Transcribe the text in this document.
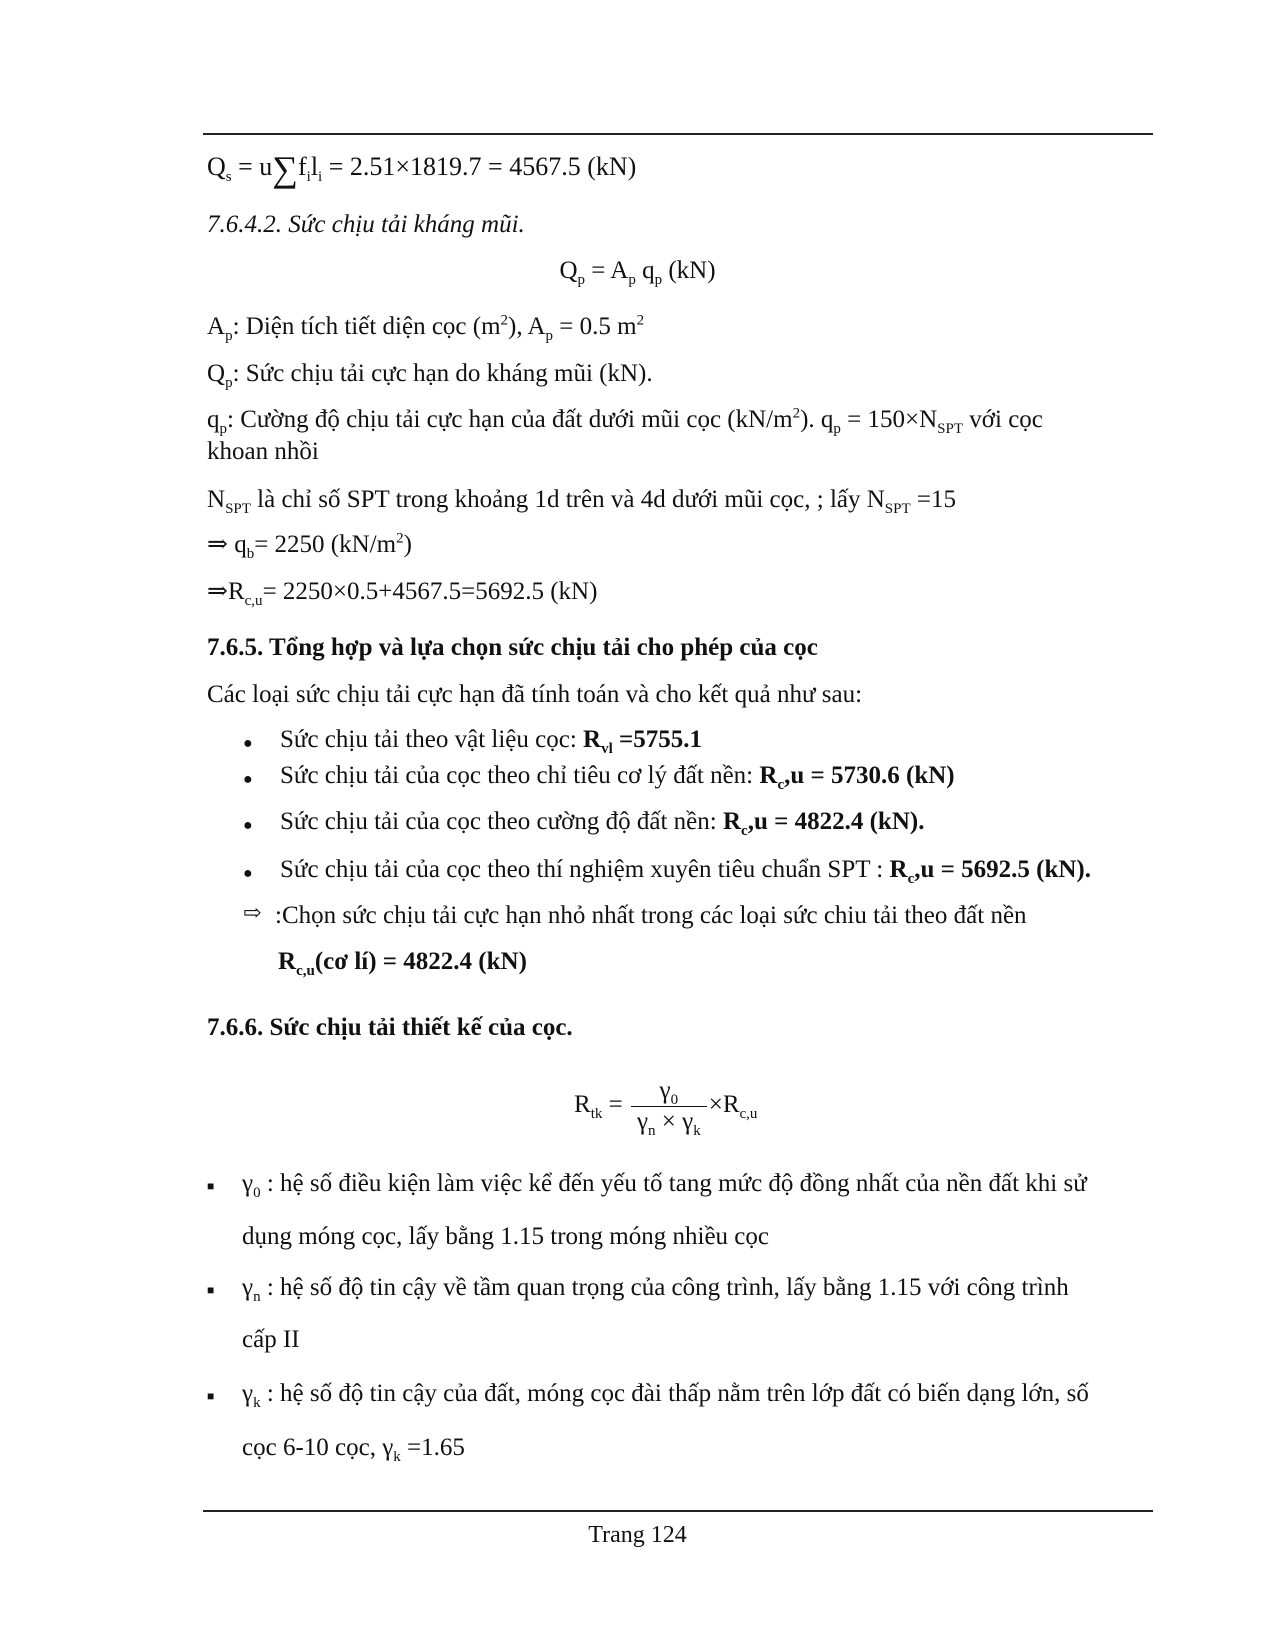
$Q_s = u\sum f_il_i = 2.51\times 1819.7 = 4567.5$ (kN)
7.6.4.2. Sức chịu tải kháng mũi.
$Q_p = A_p$ $q_p$ (kN)
$A_p$: Diện tích tiết diện cọc $(m^2)$, $A_p = 0.5$ $m^2$
$Q_p$: Sức chịu tải cực hạn do kháng mũi (kN).
$q_p$: Cường độ chịu tải cực hạn của đất dưới mũi cọc $(kN/m^2)$. $q_p = 150\times N_{SPT}$ với cọc
khoan nhồi
$N_{SPT}$ là chỉ số SPT trong khoảng 1d trên và 4d dưới mũi cọc, ; lấy $N_{SPT} =15$
⇒ $q_b= 2250$ $(kN/m^2)$
$\Rightarrow R_{c,u}= 2250\times 0.5+4567.5=5692.5$ (kN)
7.6.5. Tổng hợp và lựa chọn sức chịu tải cho phép của cọc
Các loại sức chịu tải cực hạn đã tính toán và cho kết quả như sau:
● Sức chịu tải theo vật liệu cọc: $R_{vl} =5755.1$
● Sức chịu tải của cọc theo chỉ tiêu cơ lý đất nền: $R_c,u = 5730.6$ (kN)
● Sức chịu tải của cọc theo cường độ đất nền: $R_c,u = 4822.4$ (kN).
● Sức chịu tải của cọc theo thí nghiệm xuyên tiêu chuẩn SPT : $R_c,u = 5692.5$ (kN).
⇨ :Chọn sức chịu tải cực hạn nhỏ nhất trong các loại sức chiu tải theo đất nền
$R_{c,u}(cơ$ lí) = 4822.4 (kN)
7.6.6. Sức chịu tải thiết kế của cọc.
$R_{tk} = \frac{\gamma_0}{\gamma_n \times \gamma_k} \times R_{c,u}$
■ $\gamma_0$ : hệ số điều kiện làm việc kể đến yếu tố tang mức độ đồng nhất của nền đất khi sử
dụng móng cọc, lấy bằng 1.15 trong móng nhiều cọc
■ $\gamma_n$ : hệ số độ tin cậy về tầm quan trọng của công trình, lấy bằng 1.15 với công trình
cấp II
■ $\gamma_k$ : hệ số độ tin cậy của đất, móng cọc đài thấp nằm trên lớp đất có biến dạng lớn, số
cọc 6-10 cọc, $\gamma_k =1.65$
Trang 124
